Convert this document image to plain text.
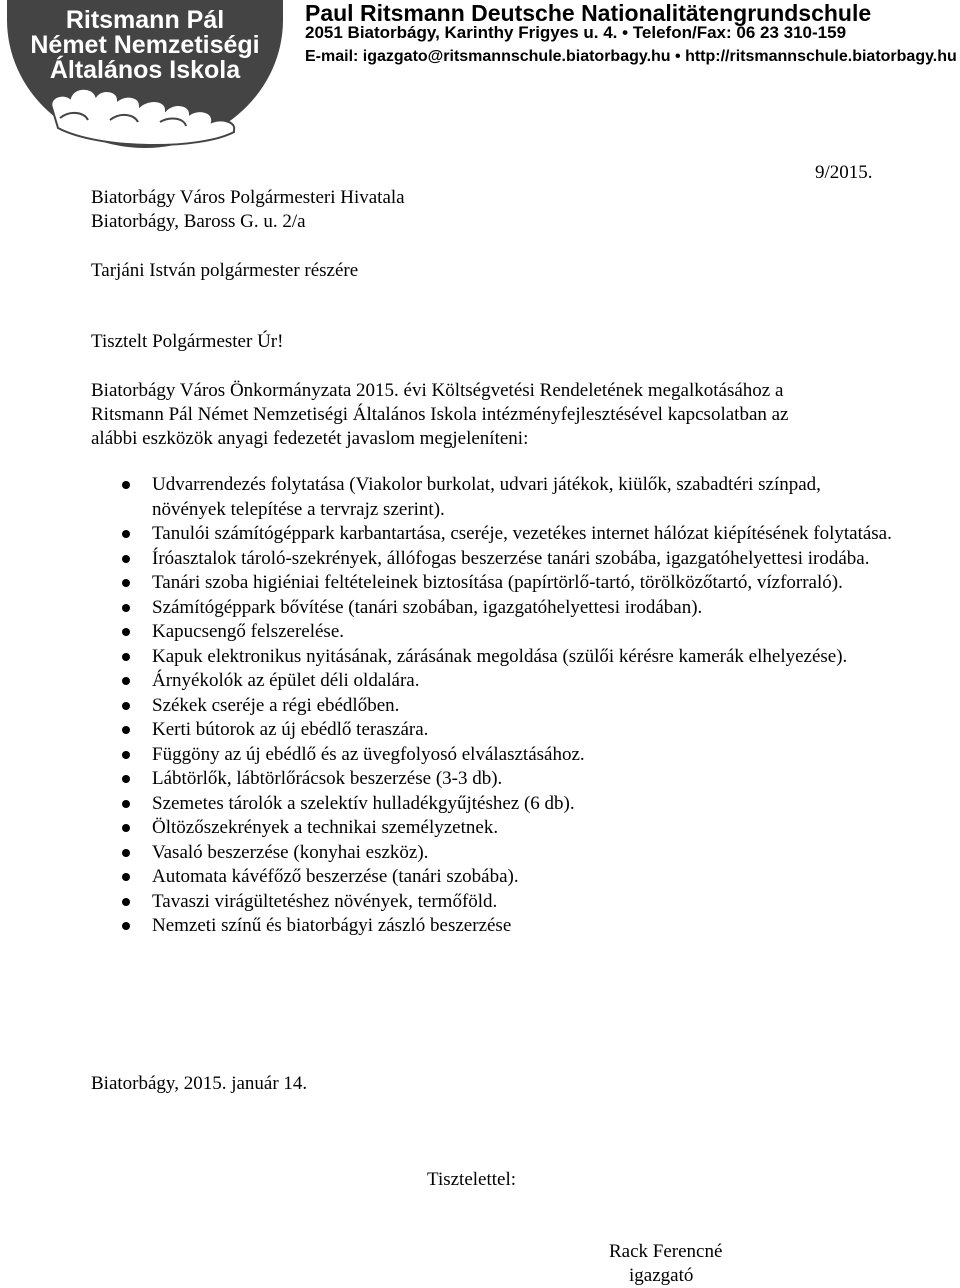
Ritsmann Pál
Német Nemzetiségi
Általános Iskola
Paul Ritsmann Deutsche Nationalitätengrundschule
2051 Biatorbágy, Karinthy Frigyes u. 4. • Telefon/Fax: 06 23 310-159
E-mail: igazgato@ritsmannschule.biatorbagy.hu • http://ritsmannschule.biatorbagy.hu
9/2015.
Biatorbágy Város Polgármesteri Hivatala
Biatorbágy, Baross G. u. 2/a
Tarjáni István polgármester részére
Tisztelt Polgármester Úr!
Biatorbágy Város Önkormányzata 2015. évi Költségvetési Rendeletének megalkotásához a
Ritsmann Pál Német Nemzetiségi Általános Iskola intézményfejlesztésével kapcsolatban az
alábbi eszközök anyagi fedezetét javaslom megjeleníteni:
Udvarrendezés folytatása (Viakolor burkolat, udvari játékok, kiülők, szabadtéri színpad, növények telepítése a tervrajz szerint).
Tanulói számítógéppark karbantartása, cseréje, vezetékes internet hálózat kiépítésének folytatása.
Íróasztalok tároló-szekrények, állófogas beszerzése tanári szobába, igazgatóhelyettesi irodába.
Tanári szoba higiéniai feltételeinek biztosítása (papírtörlő-tartó, törölközőtartó, vízforraló).
Számítógéppark bővítése (tanári szobában, igazgatóhelyettesi irodában).
Kapucsengő felszerelése.
Kapuk elektronikus nyitásának, zárásának megoldása (szülői kérésre kamerák elhelyezése).
Árnyékolók az épület déli oldalára.
Székek cseréje a régi ebédlőben.
Kerti bútorok az új ebédlő teraszára.
Függöny az új ebédlő és az üvegfolyosó elválasztásához.
Lábtörlők, lábtörlőrácsok beszerzése (3-3 db).
Szemetes tárolók a szelektív hulladékgyűjtéshez (6 db).
Öltözőszekrények a technikai személyzetnek.
Vasaló beszerzése (konyhai eszköz).
Automata kávéfőző beszerzése (tanári szobába).
Tavaszi virágültetéshez növények, termőföld.
Nemzeti színű és biatorbágyi zászló beszerzése
Biatorbágy, 2015. január 14.
Tisztelettel:
Rack Ferencné
igazgató
